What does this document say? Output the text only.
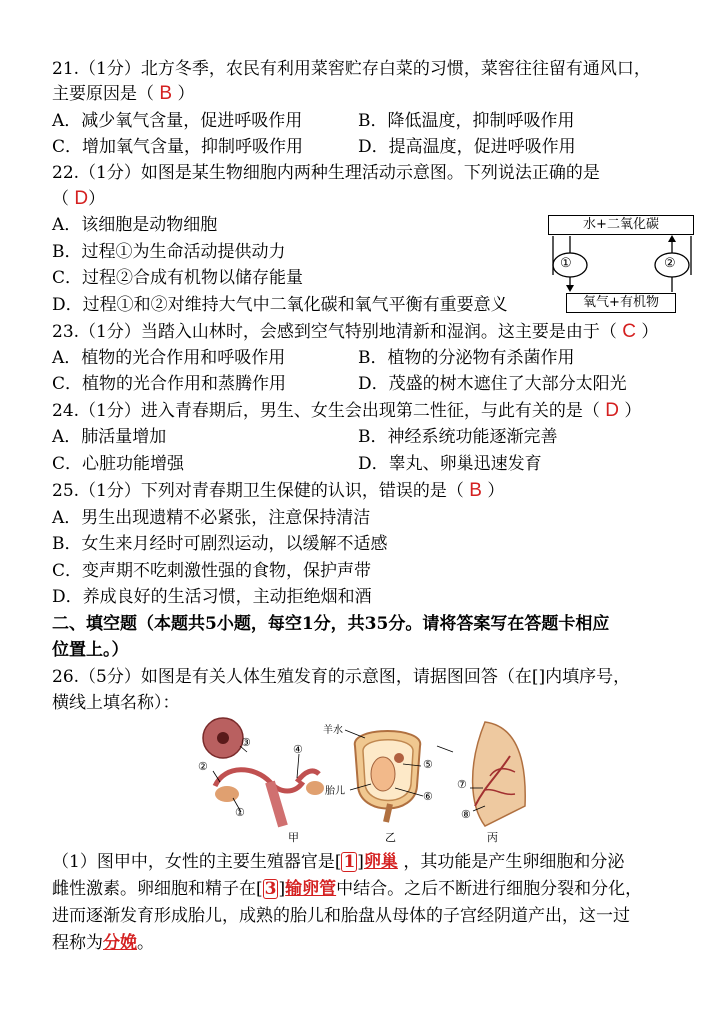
21.（1分）北方冬季，农民有利用菜窖贮存白菜的习惯，菜窖往往留有通风口，
主要原因是（ B ）
A．减少氧气含量，促进呼吸作用	B．降低温度，抑制呼吸作用
C．增加氧气含量，抑制呼吸作用	D．提高温度，促进呼吸作用
22.（1分）如图是某生物细胞内两种生理活动示意图。下列说法正确的是
（ D）
A．该细胞是动物细胞
B．过程①为生命活动提供动力
C．过程②合成有机物以储存能量
D．过程①和②对维持大气中二氧化碳和氧气平衡有重要意义
水+二氧化碳
氧气+有机物
①	②
23.（1分）当踏入山林时，会感到空气特别地清新和湿润。这主要是由于（ C ）
A．植物的光合作用和呼吸作用	B．植物的分泌物有杀菌作用
C．植物的光合作用和蒸腾作用	D．茂盛的树木遮住了大部分太阳光
24.（1分）进入青春期后，男生、女生会出现第二性征，与此有关的是（ D ）
A．肺活量增加	B．神经系统功能逐渐完善
C．心脏功能增强	D．睾丸、卵巢迅速发育
25.（1分）下列对青春期卫生保健的认识，错误的是（ B ）
A．男生出现遗精不必紧张，注意保持清洁
B．女生来月经时可剧烈运动，以缓解不适感
C．变声期不吃刺激性强的食物，保护声带
D．养成良好的生活习惯，主动拒绝烟和酒
二、填空题（本题共5小题，每空1分，共35分。请将答案写在答题卡相应
位置上。）
26.（5分）如图是有关人体生殖发育的示意图，请据图回答（在[]内填序号，
横线上填名称）：
③
②
①
④
羊水
胎儿
⑤
⑥
⑦
⑧
甲	乙	丙
（1）图甲中，女性的主要生殖器官是[ 1 ]卵巢 ，其功能是产生卵细胞和分泌
雌性激素。卵细胞和精子在[ 3 ]输卵管中结合。之后不断进行细胞分裂和分化，
进而逐渐发育形成胎儿，成熟的胎儿和胎盘从母体的子宫经阴道产出，这一过
程称为分娩。
